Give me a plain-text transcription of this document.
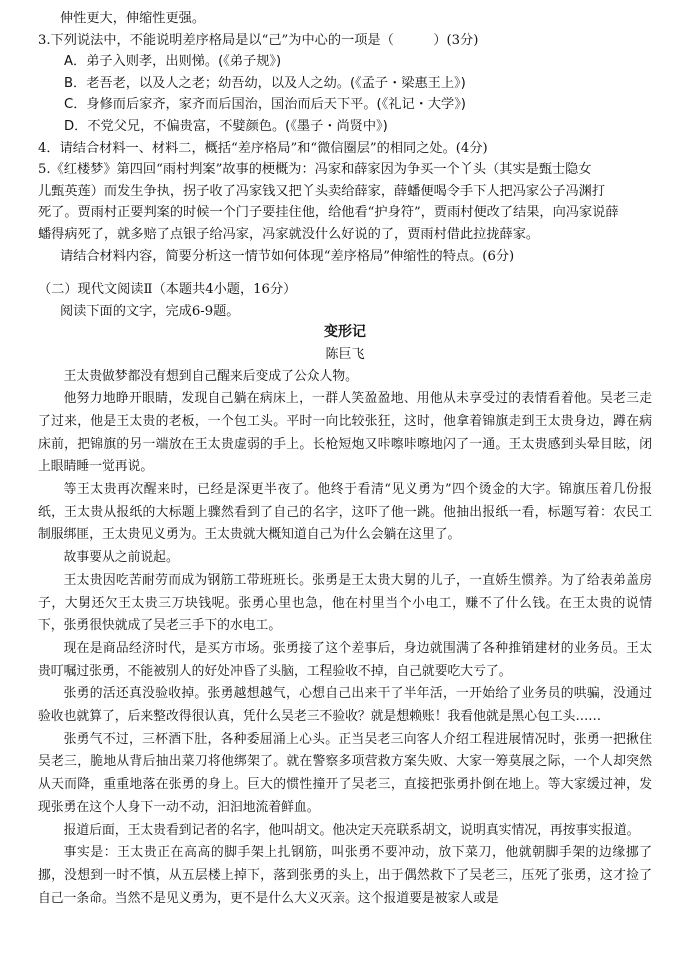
伸性更大，伸缩性更强。
3.下列说法中，不能说明差序格局是以“己”为中心的一项是（　　　）(3分)
A．弟子入则孝，出则悌。(《弟子规》)
B．老吾老，以及人之老；幼吾幼，以及人之幼。(《孟子・梁惠王上》)
C．身修而后家齐，家齐而后国治，国治而后天下平。(《礼记・大学》)
D．不党父兄，不偏贵富，不嬖颜色。(《墨子・尚贤中》)
4．请结合材料一、材料二，概括“差序格局”和“微信圈层”的相同之处。(4分)
5.《红楼梦》第四回“雨村判案”故事的梗概为：冯家和薛家因为争买一个丫头（其实是甄士隐女
儿甄英莲）而发生争执，拐子收了冯家钱又把丫头卖给薛家，薛蟠便喝令手下人把冯家公子冯渊打
死了。贾雨村正要判案的时候一个门子要挂住他，给他看“护身符”，贾雨村便改了结果，向冯家说薛
蟠得病死了，就多赔了点银子给冯家，冯家就没什么好说的了，贾雨村借此拉拢薛家。
请结合材料内容，简要分析这一情节如何体现“差序格局”伸缩性的特点。(6分)
（二）现代文阅读Ⅱ（本题共4小题，16分）
阅读下面的文字，完成6-9题。
变形记
陈巨飞

王太贵做梦都没有想到自己醒来后变成了公众人物。

他努力地睁开眼睛，发现自己躺在病床上，一群人笑盈盈地、用他从未享受过的表情看着他。吴老三走了过来，他是王太贵的老板，一个包工头。平时一向比较张狂，这时，他拿着锦旗走到王太贵身边，蹲在病床前，把锦旗的另一端放在王太贵虚弱的手上。长枪短炮又咔嚓咔嚓地闪了一通。王太贵感到头晕目眩，闭上眼睛睡一觉再说。

等王太贵再次醒来时，已经是深更半夜了。他终于看清“见义勇为”四个烫金的大字。锦旗压着几份报纸，王太贵从报纸的大标题上骤然看到了自己的名字，这吓了他一跳。他抽出报纸一看，标题写着：农民工制服绑匪，王太贵见义勇为。王太贵就大概知道自己为什么会躺在这里了。

故事要从之前说起。

王太贵因吃苦耐劳而成为钢筋工带班班长。张勇是王太贵大舅的儿子，一直娇生惯养。为了给表弟盖房子，大舅还欠王太贵三万块钱呢。张勇心里也急，他在村里当个小电工，赚不了什么钱。在王太贵的说情下，张勇很快就成了吴老三手下的水电工。

现在是商品经济时代，是买方市场。张勇接了这个差事后，身边就围满了各种推销建材的业务员。王太贵叮嘱过张勇，不能被别人的好处冲昏了头脑，工程验收不掉，自己就要吃大亏了。

张勇的活还真没验收掉。张勇越想越气，心想自己出来干了半年活，一开始给了业务员的哄骗，没通过验收也就算了，后来整改得很认真，凭什么吴老三不验收？就是想赖账！我看他就是黑心包工头……

张勇气不过，三杯酒下肚，各种委屈涌上心头。正当吴老三向客人介绍工程进展情况时，张勇一把揪住吴老三，脆地从背后抽出菜刀将他绑架了。就在警察多项营救方案失败、大家一筹莫展之际，一个人却突然从天而降，重重地落在张勇的身上。巨大的惯性撞开了吴老三，直接把张勇扑倒在地上。等大家缓过神，发现张勇在这个人身下一动不动，汩汩地流着鲜血。

报道后面，王太贵看到记者的名字，他叫胡文。他决定天亮联系胡文，说明真实情况，再按事实报道。

事实是：王太贵正在高高的脚手架上扎钢筋，叫张勇不要冲动，放下菜刀，他就朝脚手架的边缘挪了挪，没想到一时不慎，从五层楼上掉下，落到张勇的头上，出于偶然救下了吴老三，压死了张勇，这才捡了自己一条命。当然不是见义勇为，更不是什么大义灭亲。这个报道要是被家人或是
